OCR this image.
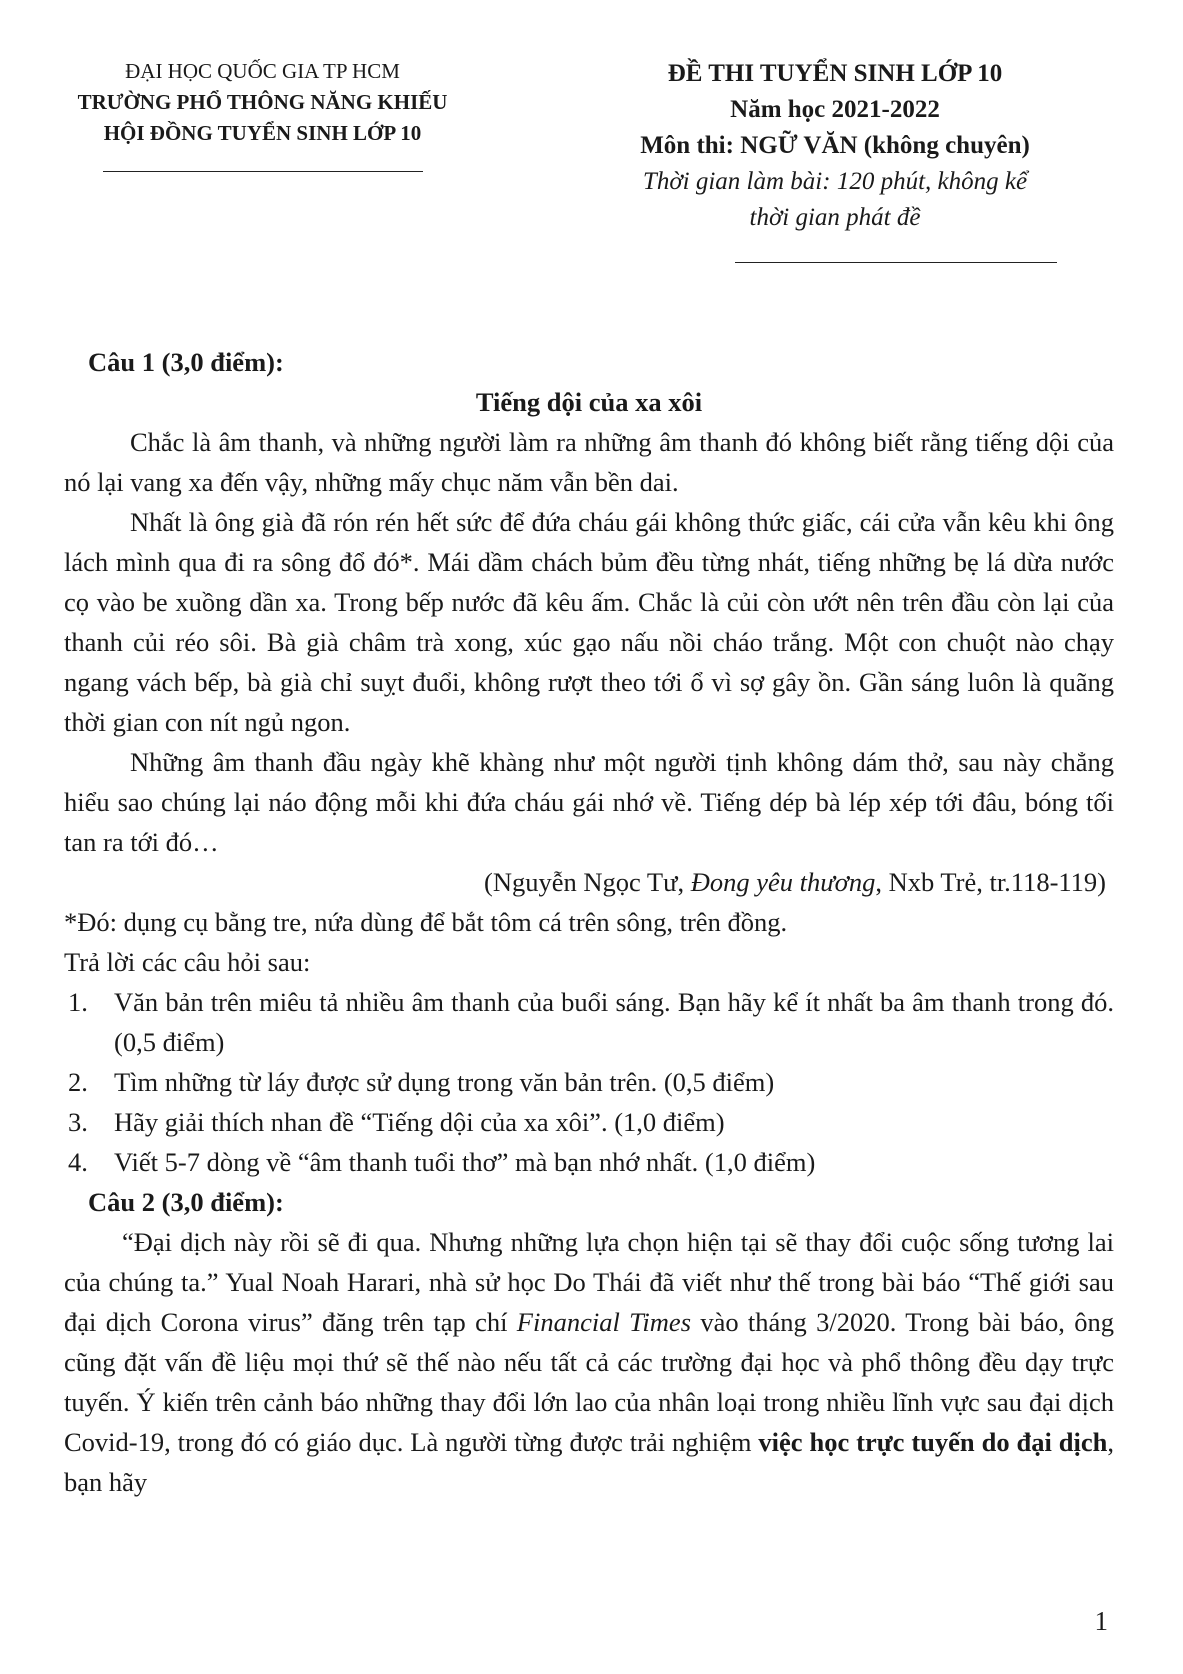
ĐẠI HỌC QUỐC GIA TP HCM
TRƯỜNG PHỔ THÔNG NĂNG KHIẾU
HỘI ĐỒNG TUYỂN SINH LỚP 10
ĐỀ THI TUYỂN SINH LỚP 10
Năm học 2021-2022
Môn thi: NGỮ VĂN (không chuyên)
Thời gian làm bài: 120 phút, không kể
thời gian phát đề
Câu 1 (3,0 điểm):
Tiếng dội của xa xôi
Chắc là âm thanh, và những người làm ra những âm thanh đó không biết rằng tiếng dội của nó lại vang xa đến vậy, những mấy chục năm vẫn bền dai.
Nhất là ông già đã rón rén hết sức để đứa cháu gái không thức giấc, cái cửa vẫn kêu khi ông lách mình qua đi ra sông đổ đó*. Mái dầm chách bủm đều từng nhát, tiếng những bẹ lá dừa nước cọ vào be xuồng dần xa. Trong bếp nước đã kêu ấm. Chắc là củi còn ướt nên trên đầu còn lại của thanh củi réo sôi. Bà già châm trà xong, xúc gạo nấu nồi cháo trắng. Một con chuột nào chạy ngang vách bếp, bà già chỉ suỵt đuổi, không rượt theo tới ổ vì sợ gây ồn. Gần sáng luôn là quãng thời gian con nít ngủ ngon.
Những âm thanh đầu ngày khẽ khàng như một người tịnh không dám thở, sau này chẳng hiểu sao chúng lại náo động mỗi khi đứa cháu gái nhớ về. Tiếng dép bà lép xép tới đâu, bóng tối tan ra tới đó…
(Nguyễn Ngọc Tư, Đong yêu thương, Nxb Trẻ, tr.118-119)
*Đó: dụng cụ bằng tre, nứa dùng để bắt tôm cá trên sông, trên đồng.
Trả lời các câu hỏi sau:
1. Văn bản trên miêu tả nhiều âm thanh của buổi sáng. Bạn hãy kể ít nhất ba âm thanh trong đó. (0,5 điểm)
2. Tìm những từ láy được sử dụng trong văn bản trên. (0,5 điểm)
3. Hãy giải thích nhan đề “Tiếng dội của xa xôi”. (1,0 điểm)
4. Viết 5-7 dòng về “âm thanh tuổi thơ” mà bạn nhớ nhất. (1,0 điểm)
Câu 2 (3,0 điểm):
“Đại dịch này rồi sẽ đi qua. Nhưng những lựa chọn hiện tại sẽ thay đổi cuộc sống tương lai của chúng ta.” Yual Noah Harari, nhà sử học Do Thái đã viết như thế trong bài báo “Thế giới sau đại dịch Corona virus” đăng trên tạp chí Financial Times vào tháng 3/2020. Trong bài báo, ông cũng đặt vấn đề liệu mọi thứ sẽ thế nào nếu tất cả các trường đại học và phổ thông đều dạy trực tuyến. Ý kiến trên cảnh báo những thay đổi lớn lao của nhân loại trong nhiều lĩnh vực sau đại dịch Covid-19, trong đó có giáo dục. Là người từng được trải nghiệm việc học trực tuyến do đại dịch, bạn hãy
1
